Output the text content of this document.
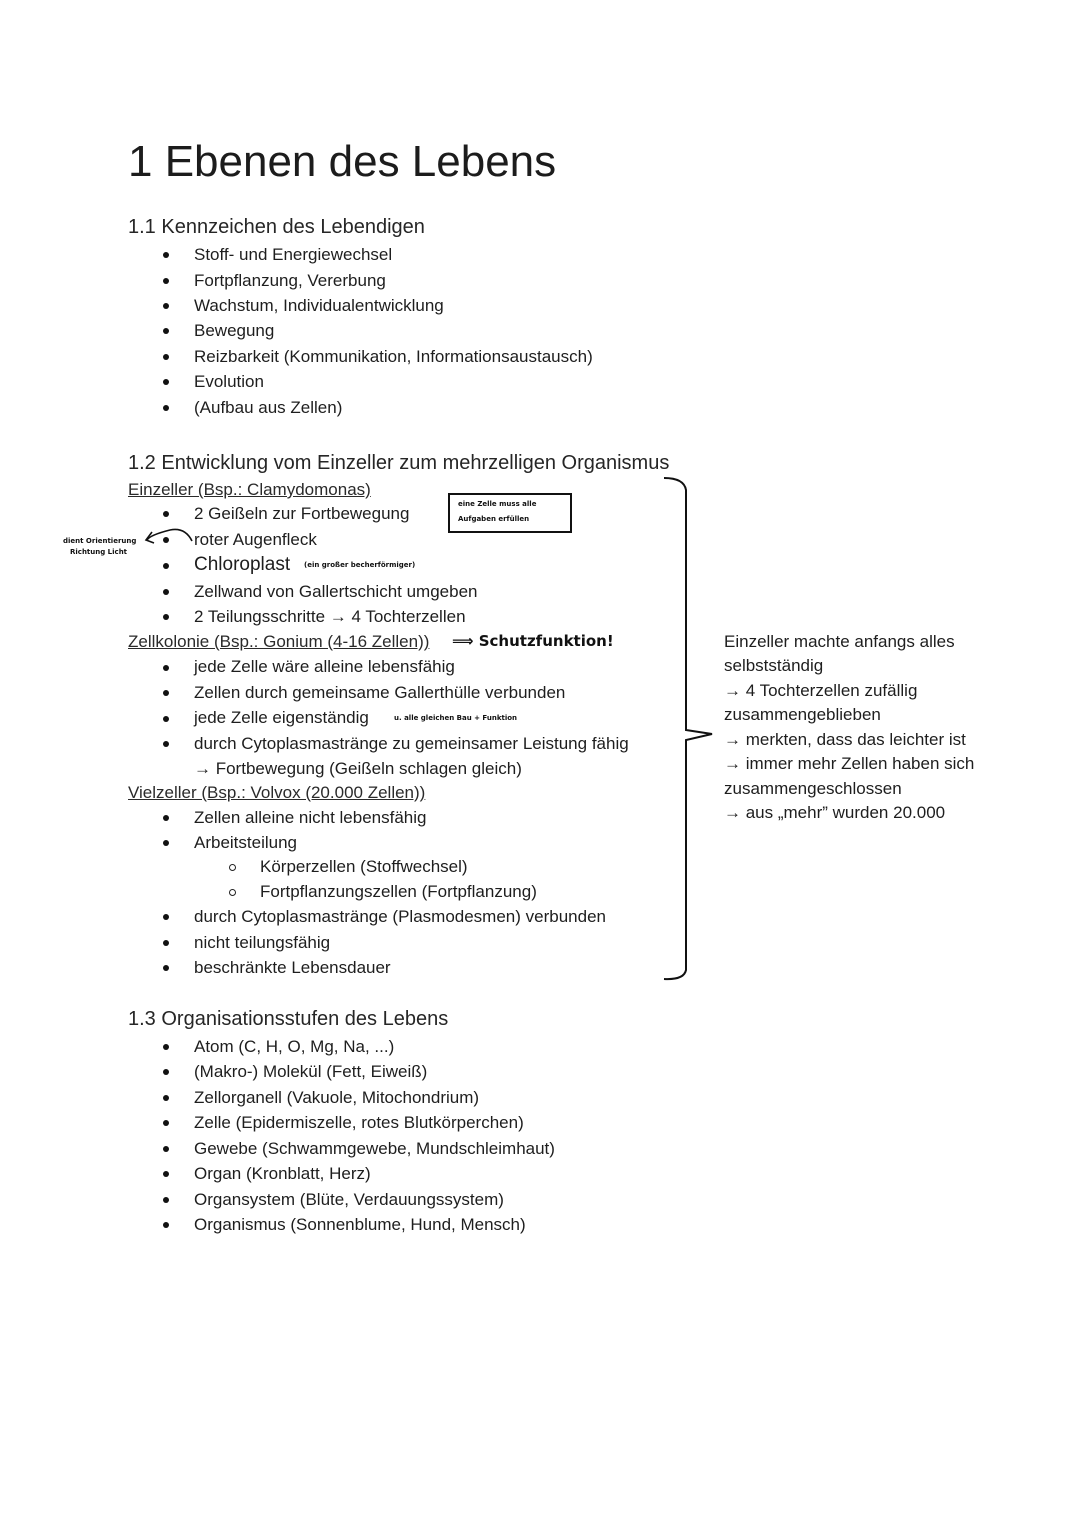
1 Ebenen des Lebens
1.1 Kennzeichen des Lebendigen
Stoff- und Energiewechsel
Fortpflanzung, Vererbung
Wachstum, Individualentwicklung
Bewegung
Reizbarkeit (Kommunikation, Informationsaustausch)
Evolution
(Aufbau aus Zellen)
1.2 Entwicklung vom Einzeller zum mehrzelligen Organismus
Einzeller (Bsp.: Clamydomonas)
2 Geißeln zur Fortbewegung
roter Augenfleck
Chloroplast (ein großer becherförmiger)
Zellwand von Gallertschicht umgeben
2 Teilungsschritte → 4 Tochterzellen
eine Zelle muss alle
Aufgaben erfüllen
dient Orientierung
Richtung Licht
Zellkolonie (Bsp.: Gonium (4-16 Zellen)) ⟹ Schutzfunktion!
jede Zelle wäre alleine lebensfähig
Zellen durch gemeinsame Gallerthülle verbunden
jede Zelle eigenständig	u. alle gleichen Bau + Funktion
durch Cytoplasmastränge zu gemeinsamer Leistung fähig
→ Fortbewegung (Geißeln schlagen gleich)
Vielzeller (Bsp.: Volvox (20.000 Zellen))
Zellen alleine nicht lebensfähig
Arbeitsteilung
Körperzellen (Stoffwechsel)
Fortpflanzungszellen (Fortpflanzung)
durch Cytoplasmastränge (Plasmodesmen) verbunden
nicht teilungsfähig
beschränkte Lebensdauer
Einzeller machte anfangs alles
selbstständig
→ 4 Tochterzellen zufällig
zusammengeblieben
→ merkten, dass das leichter ist
→ immer mehr Zellen haben sich
zusammengeschlossen
→ aus „mehr” wurden 20.000
1.3 Organisationsstufen des Lebens
Atom (C, H, O, Mg, Na, ...)
(Makro-) Molekül (Fett, Eiweiß)
Zellorganell (Vakuole, Mitochondrium)
Zelle (Epidermiszelle, rotes Blutkörperchen)
Gewebe (Schwammgewebe, Mundschleimhaut)
Organ (Kronblatt, Herz)
Organsystem (Blüte, Verdauungssystem)
Organismus (Sonnenblume, Hund, Mensch)
